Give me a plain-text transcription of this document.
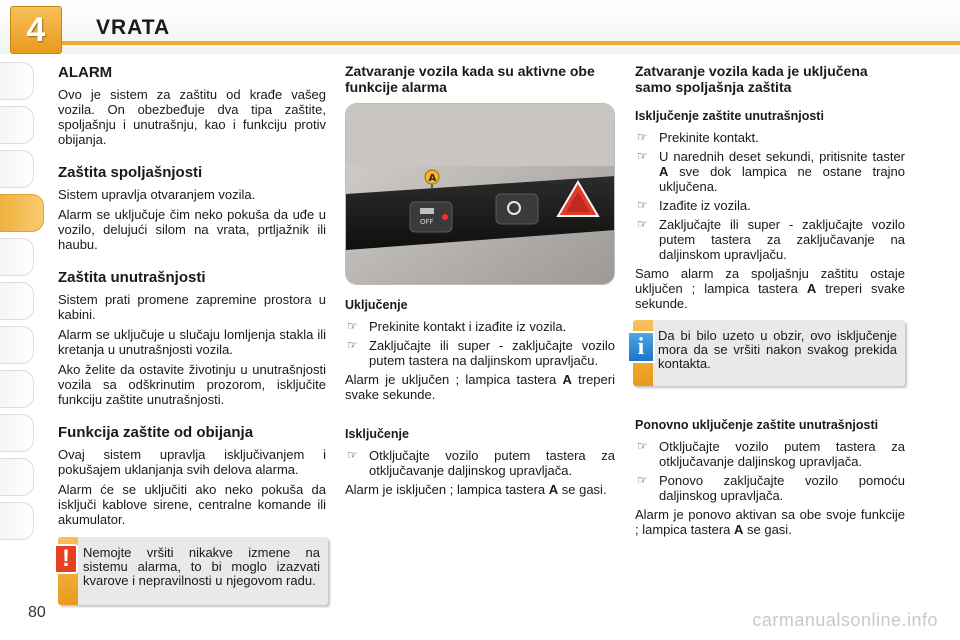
4	VRATA
ALARM

Ovo je sistem za zaštitu od krađe vašeg vozila. On obezbeđuje dva tipa zaštite, spoljašnju i unutrašnju, kao i funkciju protiv obijanja.

Zaštita spoljašnjosti

Sistem upravlja otvaranjem vozila.

Alarm se uključuje čim neko pokuša da uđe u vozilo, delujući silom na vrata, prtljažnik ili haubu.

Zaštita unutrašnjosti

Sistem prati promene zapremine prostora u kabini.

Alarm se uključuje u slučaju lomljenja stakla ili kretanja u unutrašnjosti vozila.

Ako želite da ostavite životinju u unutrašnjosti vozila sa odškrinutim prozorom, isključite funkciju zaštite unutrašnjosti.

Funkcija zaštite od obijanja

Ovaj sistem upravlja isključivanjem i pokušajem uklanjanja svih delova alarma.

Alarm će se uključiti ako neko pokuša da isključi kablove sirene, centralne komande ili akumulator.

!	Nemojte vršiti nikakve izmene na sistemu alarma, to bi moglo izazvati kvarove i nepravilnosti u njegovom radu.
Zatvaranje vozila kada su aktivne obe funkcije alarma
OFF
A
Uključenje
☞ Prekinite kontakt i izađite iz vozila.
☞ Zaključajte ili super - zaključajte vozilo putem tastera na daljinskom upravljaču.

Alarm je uključen ; lampica tastera A treperi svake sekunde.

Isključenje
☞ Otključajte vozilo putem tastera za otključavanje daljinskog upravljača.

Alarm je isključen ; lampica tastera A se gasi.

Zatvaranje vozila kada je uključena samo spoljašnja zaštita
Isključenje zaštite unutrašnjosti
☞ Prekinite kontakt.
☞ U narednih deset sekundi, pritisnite taster A sve dok lampica ne ostane trajno uključena.
☞ Izađite iz vozila.
☞ Zaključajte ili super - zaključajte vozilo putem tastera za zaključavanje na daljinskom upravljaču.

Samo alarm za spoljašnju zaštitu ostaje uključen ; lampica tastera A treperi svake sekunde.

i	Da bi bilo uzeto u obzir, ovo isključenje mora da se vršiti nakon svakog prekida kontakta.
Ponovno uključenje zaštite unutrašnjosti
☞ Otključajte vozilo putem tastera za otključavanje daljinskog upravljača.
☞ Ponovo zaključajte vozilo pomoću daljinskog upravljača.

Alarm je ponovo aktivan sa obe svoje funkcije ; lampica tastera A se gasi.

80	carmanualsonline.info
